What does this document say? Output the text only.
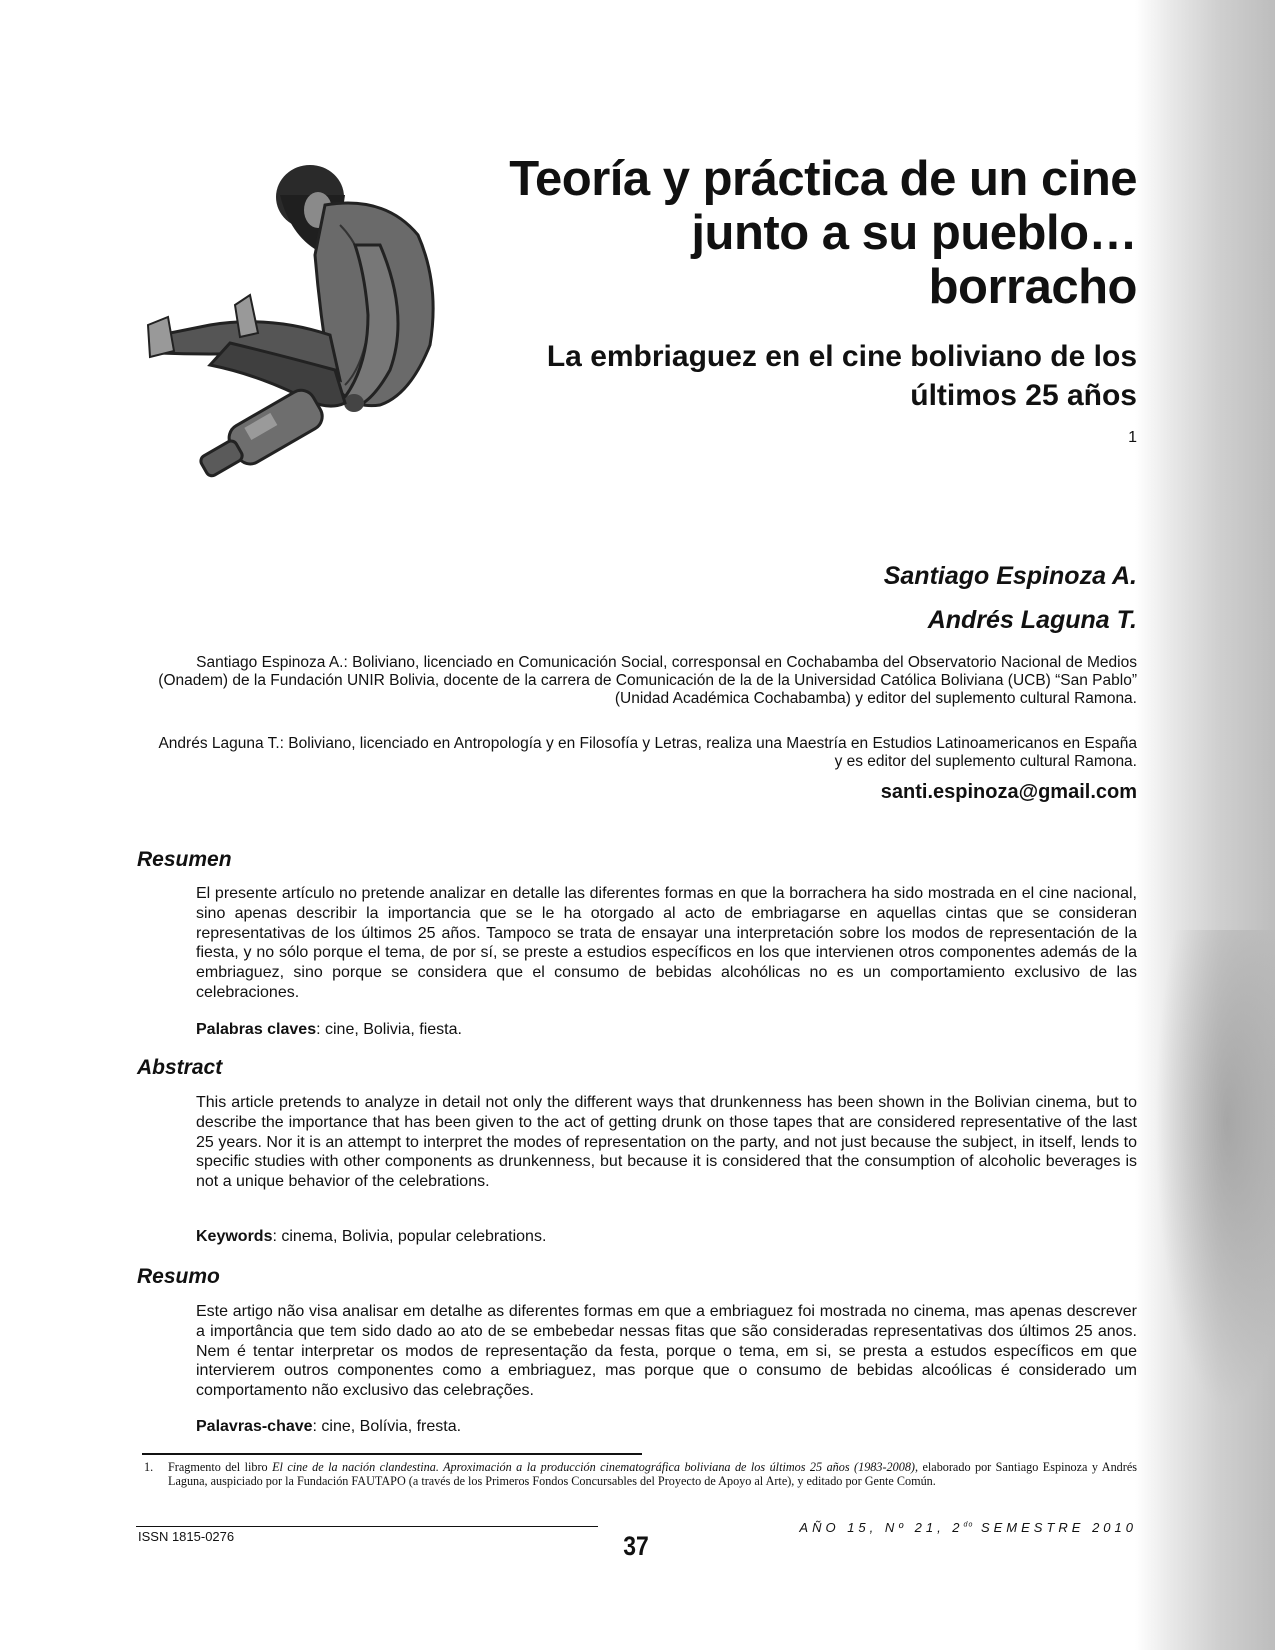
Teoría y práctica de un cine
junto a su pueblo…
borracho
La embriaguez en el cine boliviano de los
últimos 25 años
$^1$

Santiago Espinoza A.

Andrés Laguna T.

Santiago Espinoza A.: Boliviano, licenciado en Comunicación Social, corresponsal en Cochabamba del Observatorio Nacional de Medios (Onadem) de la Fundación UNIR Bolivia, docente de la carrera de Comunicación de la de la Universidad Católica Boliviana (UCB) “San Pablo” (Unidad Académica Cochabamba) y editor del suplemento cultural Ramona.

Andrés Laguna T.: Boliviano, licenciado en Antropología y en Filosofía y Letras, realiza una Maestría en Estudios Latinoamericanos en España y es editor del suplemento cultural Ramona.

santi.espinoza@gmail.com

Resumen

El presente artículo no pretende analizar en detalle las diferentes formas en que la borrachera ha sido mostrada en el cine nacional, sino apenas describir la importancia que se le ha otorgado al acto de embriagarse en aquellas cintas que se consideran representativas de los últimos 25 años. Tampoco se trata de ensayar una interpretación sobre los modos de representación de la fiesta, y no sólo porque el tema, de por sí, se preste a estudios específicos en los que intervienen otros componentes además de la embriaguez, sino porque se considera que el consumo de bebidas alcohólicas no es un comportamiento exclusivo de las celebraciones.

Palabras claves: cine, Bolivia, fiesta.

Abstract

This article pretends to analyze in detail not only the different ways that drunkenness has been shown in the Bolivian cinema, but to describe the importance that has been given to the act of getting drunk on those tapes that are considered representative of the last 25 years. Nor it is an attempt to interpret the modes of representation on the party, and not just because the subject, in itself, lends to specific studies with other components as drunkenness, but because it is considered that the consumption of alcoholic beverages is not a unique behavior of the celebrations.

Keywords: cinema, Bolivia, popular celebrations.

Resumo

Este artigo não visa analisar em detalhe as diferentes formas em que a embriaguez foi mostrada no cinema, mas apenas descrever a importância que tem sido dado ao ato de se embebedar nessas fitas que são consideradas representativas dos últimos 25 anos. Nem é tentar interpretar os modos de representação da festa, porque o tema, em si, se presta a estudos específicos em que intervierem outros componentes como a embriaguez, mas porque que o consumo de bebidas alcoólicas é considerado um comportamento não exclusivo das celebrações.

Palavras-chave: cine, Bolívia, fresta.

1. Fragmento del libro El cine de la nación clandestina. Aproximación a la producción cinematográfica boliviana de los últimos 25 años (1983-2008), elaborado por Santiago Espinoza y Andrés Laguna, auspiciado por la Fundación FAUTAPO (a través de los Primeros Fondos Concursables del Proyecto de Apoyo al Arte), y editado por Gente Común.

ISSN 1815-0276	37

AÑO 15, Nº 21, $2^{do}$ SEMESTRE 2010
